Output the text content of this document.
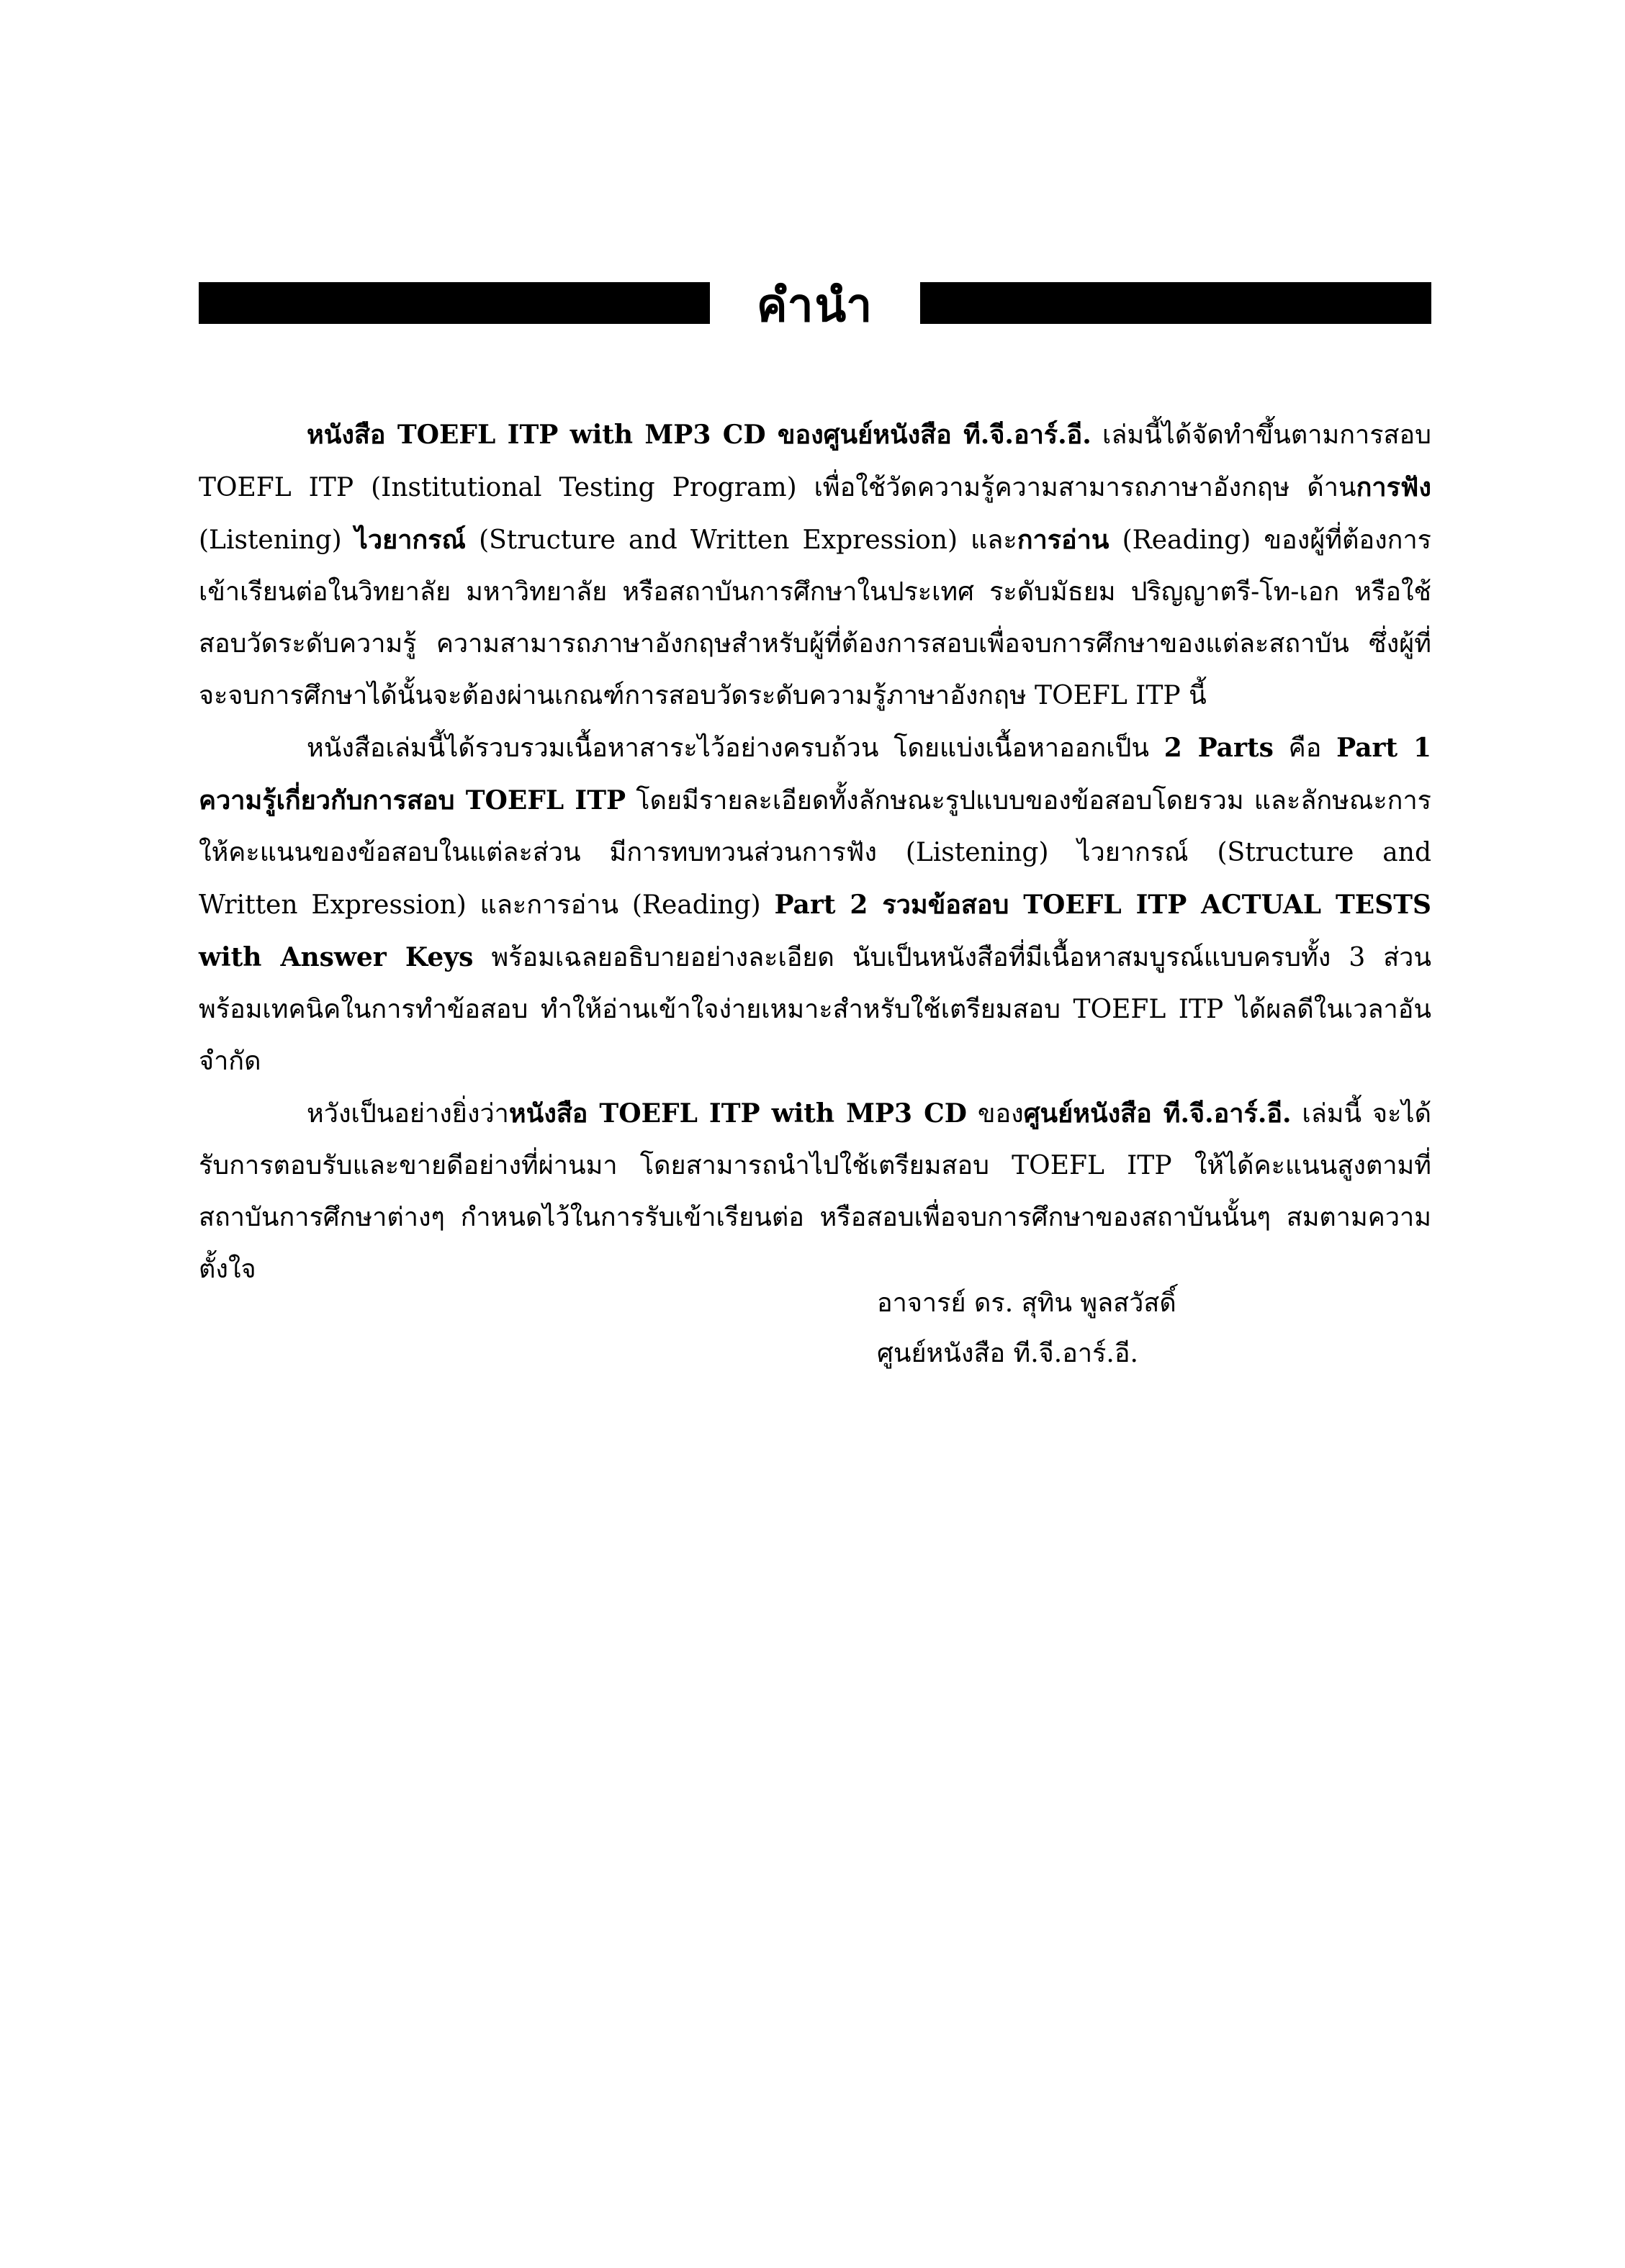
คำนำ

หนังสือ TOEFL ITP with MP3 CD ของศูนย์หนังสือ ที.จี.อาร์.อี. เล่มนี้ได้จัดทำขึ้นตามการสอบ TOEFL ITP (Institutional Testing Program) เพื่อใช้วัดความรู้ความสามารถภาษาอังกฤษ ด้านการฟัง (Listening) ไวยากรณ์ (Structure and Written Expression) และการอ่าน (Reading) ของผู้ที่ต้องการเข้าเรียนต่อในวิทยาลัย มหาวิทยาลัย หรือสถาบันการศึกษาในประเทศ ระดับมัธยม ปริญญาตรี-โท-เอก หรือใช้สอบวัดระดับความรู้ ความสามารถภาษาอังกฤษสำหรับผู้ที่ต้องการสอบเพื่อจบการศึกษาของแต่ละสถาบัน ซึ่งผู้ที่จะจบการศึกษาได้นั้นจะต้องผ่านเกณฑ์การสอบวัดระดับความรู้ภาษาอังกฤษ TOEFL ITP นี้

หนังสือเล่มนี้ได้รวบรวมเนื้อหาสาระไว้อย่างครบถ้วน โดยแบ่งเนื้อหาออกเป็น 2 Parts คือ Part 1 ความรู้เกี่ยวกับการสอบ TOEFL ITP โดยมีรายละเอียดทั้งลักษณะรูปแบบของข้อสอบโดยรวม และลักษณะการให้คะแนนของข้อสอบในแต่ละส่วน มีการทบทวนส่วนการฟัง (Listening) ไวยากรณ์ (Structure and Written Expression) และการอ่าน (Reading) Part 2 รวมข้อสอบ TOEFL ITP ACTUAL TESTS with Answer Keys พร้อมเฉลยอธิบายอย่างละเอียด นับเป็นหนังสือที่มีเนื้อหาสมบูรณ์แบบครบทั้ง 3 ส่วน พร้อมเทคนิคในการทำข้อสอบ ทำให้อ่านเข้าใจง่ายเหมาะสำหรับใช้เตรียมสอบ TOEFL ITP ได้ผลดีในเวลาอันจำกัด

หวังเป็นอย่างยิ่งว่าหนังสือ TOEFL ITP with MP3 CD ของศูนย์หนังสือ ที.จี.อาร์.อี. เล่มนี้ จะได้รับการตอบรับและขายดีอย่างที่ผ่านมา โดยสามารถนำไปใช้เตรียมสอบ TOEFL ITP ให้ได้คะแนนสูงตามที่สถาบันการศึกษาต่างๆ กำหนดไว้ในการรับเข้าเรียนต่อ หรือสอบเพื่อจบการศึกษาของสถาบันนั้นๆ สมตามความตั้งใจ

อาจารย์ ดร. สุทิน พูลสวัสดิ์
ศูนย์หนังสือ ที.จี.อาร์.อี.
